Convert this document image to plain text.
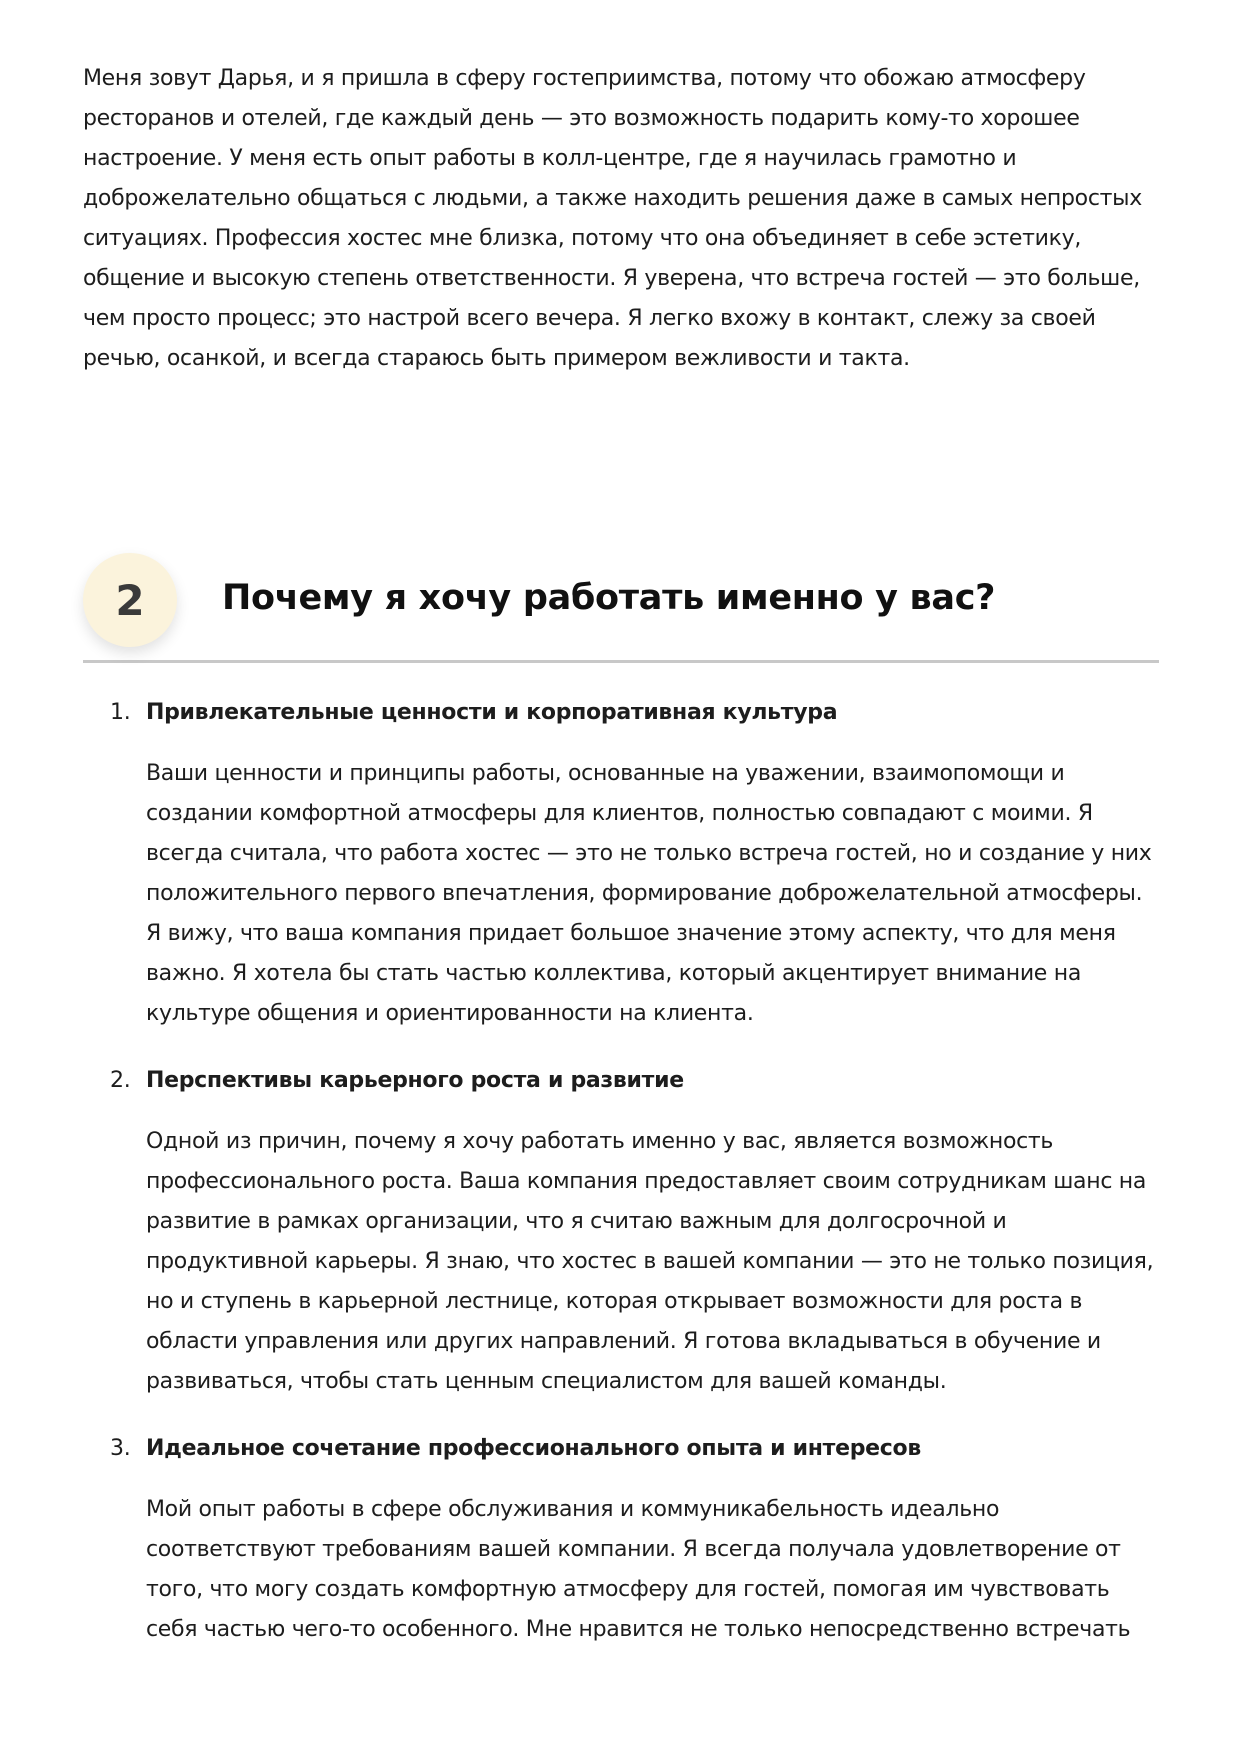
Меня зовут Дарья, и я пришла в сферу гостеприимства, потому что обожаю атмосферу ресторанов и отелей, где каждый день — это возможность подарить кому-то хорошее настроение. У меня есть опыт работы в колл-центре, где я научилась грамотно и доброжелательно общаться с людьми, а также находить решения даже в самых непростых ситуациях. Профессия хостес мне близка, потому что она объединяет в себе эстетику, общение и высокую степень ответственности. Я уверена, что встреча гостей — это больше, чем просто процесс; это настрой всего вечера. Я легко вхожу в контакт, слежу за своей речью, осанкой, и всегда стараюсь быть примером вежливости и такта.

2	Почему я хочу работать именно у вас?

1. Привлекательные ценности и корпоративная культура

Ваши ценности и принципы работы, основанные на уважении, взаимопомощи и создании комфортной атмосферы для клиентов, полностью совпадают с моими. Я всегда считала, что работа хостес — это не только встреча гостей, но и создание у них положительного первого впечатления, формирование доброжелательной атмосферы. Я вижу, что ваша компания придает большое значение этому аспекту, что для меня важно. Я хотела бы стать частью коллектива, который акцентирует внимание на культуре общения и ориентированности на клиента.

2. Перспективы карьерного роста и развитие

Одной из причин, почему я хочу работать именно у вас, является возможность профессионального роста. Ваша компания предоставляет своим сотрудникам шанс на развитие в рамках организации, что я считаю важным для долгосрочной и продуктивной карьеры. Я знаю, что хостес в вашей компании — это не только позиция, но и ступень в карьерной лестнице, которая открывает возможности для роста в области управления или других направлений. Я готова вкладываться в обучение и развиваться, чтобы стать ценным специалистом для вашей команды.

3. Идеальное сочетание профессионального опыта и интересов

Мой опыт работы в сфере обслуживания и коммуникабельность идеально соответствуют требованиям вашей компании. Я всегда получала удовлетворение от того, что могу создать комфортную атмосферу для гостей, помогая им чувствовать себя частью чего-то особенного. Мне нравится не только непосредственно встречать
